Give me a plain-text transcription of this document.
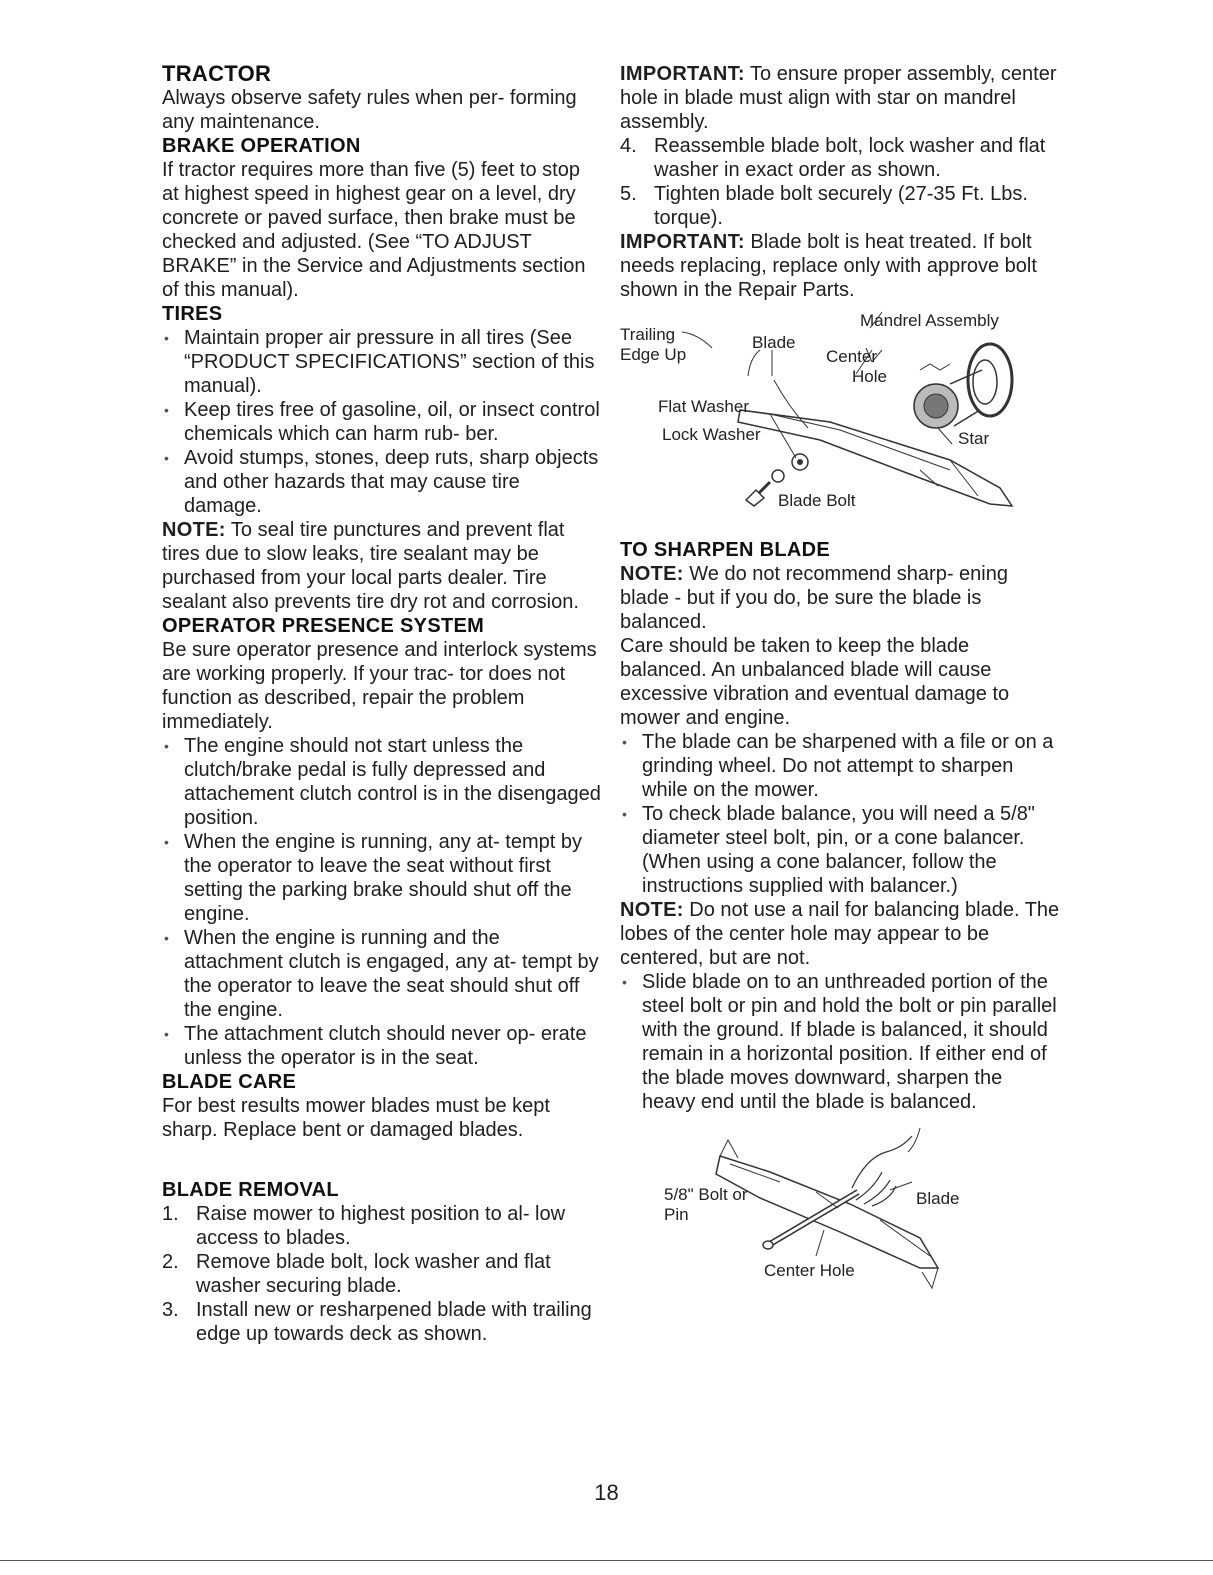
TRACTOR

Always observe safety rules when per- forming any maintenance.

BRAKE OPERATION

If tractor requires more than five (5) feet to stop at highest speed in highest gear on a level, dry concrete or paved surface, then brake must be checked and adjusted. (See “TO ADJUST BRAKE” in the Service and Adjustments section of this manual).

TIRES
• Maintain proper air pressure in all tires (See “PRODUCT SPECIFICATIONS” section of this manual).
• Keep tires free of gasoline, oil, or insect control chemicals which can harm rub- ber.
• Avoid stumps, stones, deep ruts, sharp objects and other hazards that may cause tire damage.

NOTE: To seal tire punctures and prevent flat tires due to slow leaks, tire sealant may be purchased from your local parts dealer. Tire sealant also prevents tire dry rot and corrosion.

OPERATOR PRESENCE SYSTEM

Be sure operator presence and interlock systems are working properly. If your trac- tor does not function as described, repair the problem immediately.

• The engine should not start unless the clutch/brake pedal is fully depressed and attachement clutch control is in the disengaged position.
• When the engine is running, any at- tempt by the operator to leave the seat without first setting the parking brake should shut off the engine.
• When the engine is running and the attachment clutch is engaged, any at- tempt by the operator to leave the seat should shut off the engine.
• The attachment clutch should never op- erate unless the operator is in the seat.
BLADE CARE

For best results mower blades must be kept sharp. Replace bent or damaged blades.

BLADE REMOVAL
1. Raise mower to highest position to al- low access to blades.
2. Remove blade bolt, lock washer and flat washer securing blade.
3. Install new or resharpened blade with trailing edge up towards deck as shown.

IMPORTANT: To ensure proper assembly, center hole in blade must align with star on mandrel assembly.

4. Reassemble blade bolt, lock washer and flat washer in exact order as shown.
5. Tighten blade bolt securely (27-35 Ft. Lbs. torque).

IMPORTANT: Blade bolt is heat treated. If bolt needs replacing, replace only with approve bolt shown in the Repair Parts.

Mandrel Assembly
Trailing
Edge Up
Blade
Center
Hole
Flat Washer
Lock Washer	Star
Blade Bolt
TO SHARPEN BLADE

NOTE: We do not recommend sharp- ening blade - but if you do, be sure the blade is balanced.

Care should be taken to keep the blade balanced. An unbalanced blade will cause excessive vibration and eventual damage to mower and engine.

• The blade can be sharpened with a file or on a grinding wheel. Do not attempt to sharpen while on the mower.
• To check blade balance, you will need a 5/8" diameter steel bolt, pin, or a cone balancer. (When using a cone balancer, follow the instructions supplied with balancer.)

NOTE: Do not use a nail for balancing blade. The lobes of the center hole may appear to be centered, but are not.

• Slide blade on to an unthreaded portion of the steel bolt or pin and hold the bolt or pin parallel with the ground. If blade is balanced, it should remain in a horizontal position. If either end of the blade moves downward, sharpen the heavy end until the blade is balanced.
5/8" Bolt or
Pin
Blade
Center Hole
18
